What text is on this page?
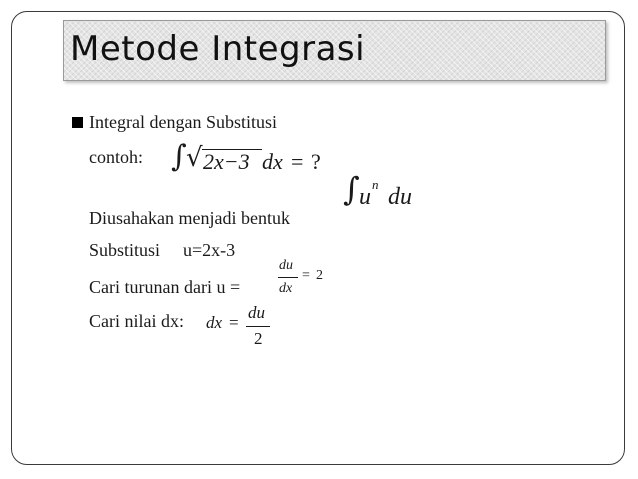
Metode Integrasi
Integral dengan Substitusi
contoh: ∫ √ 2x−3 dx = ?
∫ u n du
Diusahakan menjadi bentuk
Substitusi u=2x-3
Cari turunan dari u =
du
dx
= 2
Cari nilai dx: dx =
du
2
